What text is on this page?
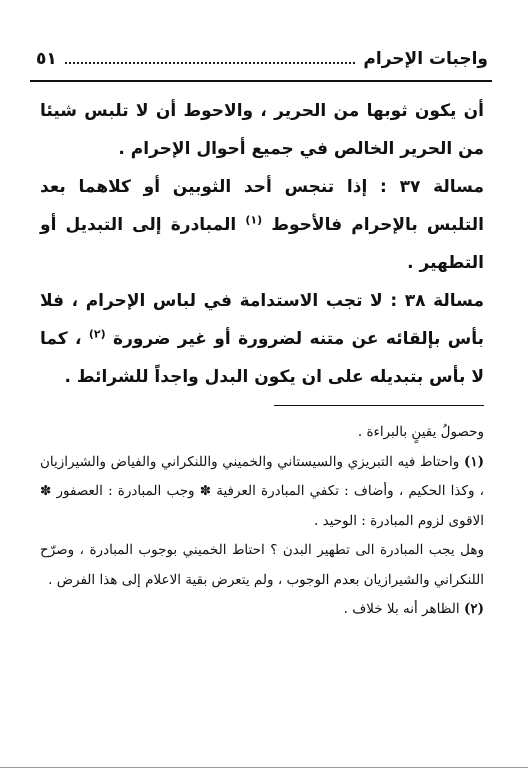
واجبات الإحرام
٥١

أن يكون ثوبها من الحرير ، والاحوط أن لا تلبس شيئا من الحرير الخالص في جميع أحوال الإحرام .

مسالة ٣٧ : إذا تنجس أحد الثوبين أو كلاهما بعد التلبس بالإحرام فالأحوط $^{(١)}$ المبادرة إلى التبديل أو التطهير .

مسالة ٣٨ : لا تجب الاستدامة في لباس الإحرام ، فلا بأس بإلقائه عن متنه لضرورة أو غير ضرورة $^{(٢)}$ ، كما لا بأس بتبديله على ان يكون البدل واجداً للشرائط .

وحصولُ يقينٍ بالبراءة .

(١) واحتاط فيه التبريزي والسيستاني والخميني واللنكراني والفياض والشيرازيان ، وكذا الحكيم ، وأضاف : تكفي المبادرة العرفية ✽ وجب المبادرة : العصفور ✽ الاقوى لزوم المبادرة : الوحيد .

وهل يجب المبادرة الى تطهير البدن ؟ احتاط الخميني بوجوب المبادرة ، وصرّح اللنكراني والشيرازيان بعدم الوجوب ، ولم يتعرض بقية الاعلام إلى هذا الفرض .

(٢) الظاهر أنه بلا خلاف .
